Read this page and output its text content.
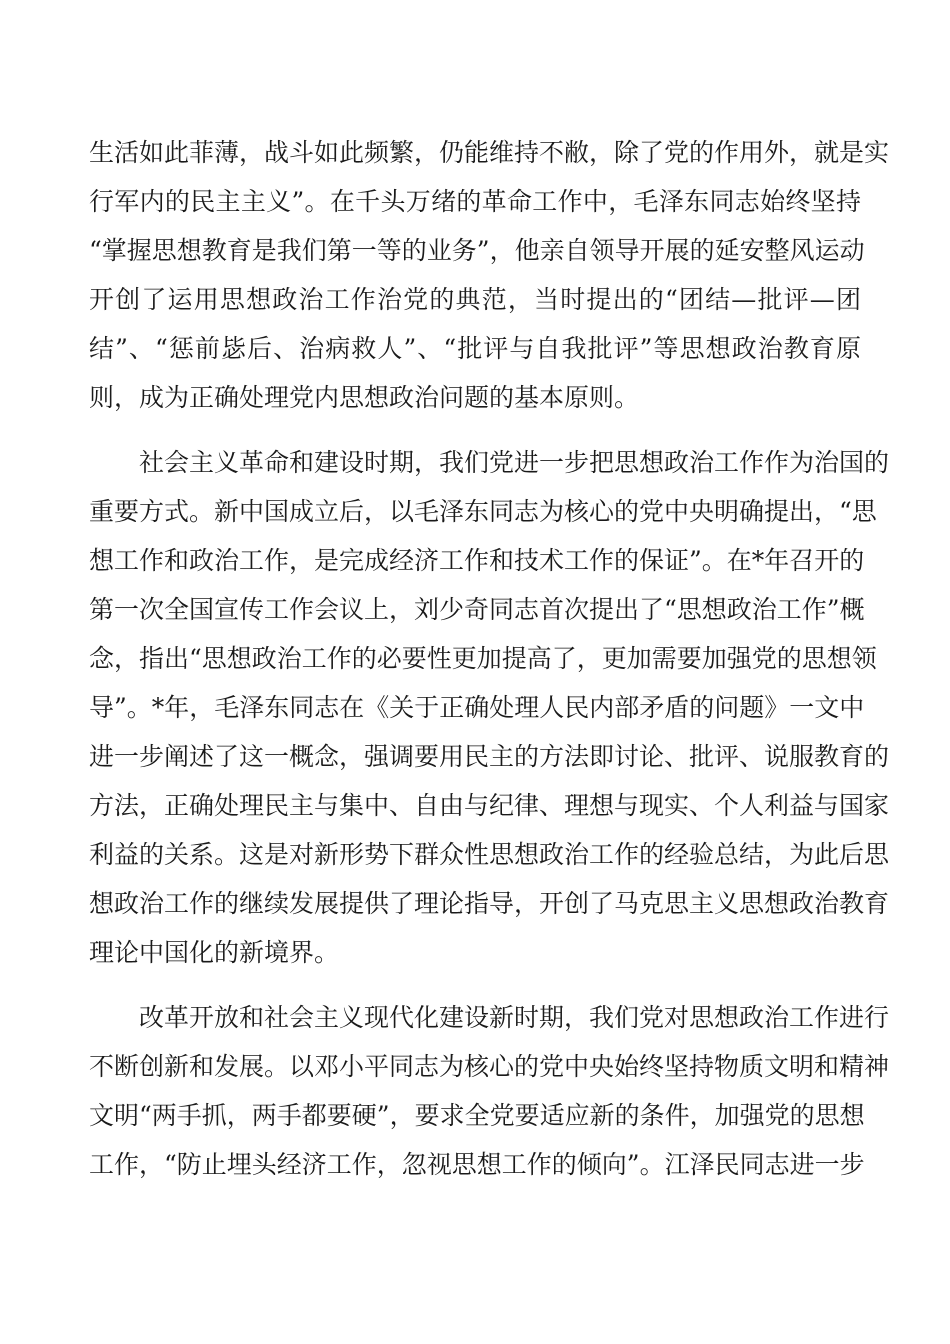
生活如此菲薄，战斗如此频繁，仍能维持不敝，除了党的作用外，就是实
行军内的民主主义”。在千头万绪的革命工作中，毛泽东同志始终坚持
“掌握思想教育是我们第一等的业务”，他亲自领导开展的延安整风运动
开创了运用思想政治工作治党的典范，当时提出的“团结—批评—团
结”、“惩前毖后、治病救人”、“批评与自我批评”等思想政治教育原
则，成为正确处理党内思想政治问题的基本原则。
社会主义革命和建设时期，我们党进一步把思想政治工作作为治国的
重要方式。新中国成立后，以毛泽东同志为核心的党中央明确提出，“思
想工作和政治工作，是完成经济工作和技术工作的保证”。在*年召开的
第一次全国宣传工作会议上，刘少奇同志首次提出了“思想政治工作”概
念，指出“思想政治工作的必要性更加提高了，更加需要加强党的思想领
导”。*年，毛泽东同志在《关于正确处理人民内部矛盾的问题》一文中
进一步阐述了这一概念，强调要用民主的方法即讨论、批评、说服教育的
方法，正确处理民主与集中、自由与纪律、理想与现实、个人利益与国家
利益的关系。这是对新形势下群众性思想政治工作的经验总结，为此后思
想政治工作的继续发展提供了理论指导，开创了马克思主义思想政治教育
理论中国化的新境界。
改革开放和社会主义现代化建设新时期，我们党对思想政治工作进行
不断创新和发展。以邓小平同志为核心的党中央始终坚持物质文明和精神
文明“两手抓，两手都要硬”，要求全党要适应新的条件，加强党的思想
工作，“防止埋头经济工作，忽视思想工作的倾向”。江泽民同志进一步
